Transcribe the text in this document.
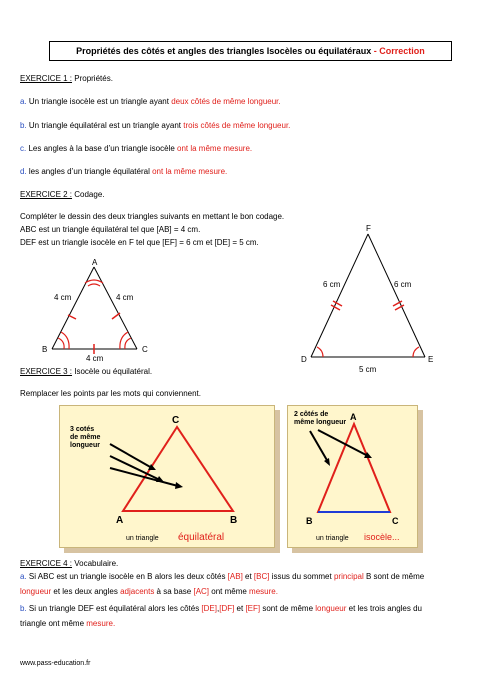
Propriétés des côtés et angles des triangles Isocèles ou équilatéraux - Correction
EXERCICE 1 : Propriétés.
a. Un triangle isocèle est un triangle ayant deux côtés de même longueur.
b. Un triangle équilatéral est un triangle ayant trois côtés de même longueur.
c. Les angles à la base d’un triangle isocèle ont la même mesure.
d. les angles d’un triangle équilatéral ont la même mesure.
EXERCICE 2 : Codage.
Compléter le dessin des deux triangles suivants en mettant le bon codage.
ABC est un triangle équilatéral tel que [AB] = 4 cm.
DEF est un triangle isocèle en F tel que [EF] = 6 cm et [DE] = 5 cm.
A
B	C
4 cm	4 cm
4 cm
F
D	E
6 cm	6 cm
5 cm
EXERCICE 3 : Isocèle ou équilatéral.
Remplacer les points par les mots qui conviennent.
3 cotés
de même
longueur
C
A	B
un triangle équilatéral
2 côtés de
même longueur
A
B	C
un triangle isocèle...
EXERCICE 4 : Vocabulaire.
a. Si ABC est un triangle isocèle en B alors les deux côtés [AB] et [BC] issus du sommet principal B sont de même
longueur et les deux angles adjacents à sa base [AC] ont même mesure.
b. Si un triangle DEF est équilatéral alors les côtés [DE],[DF] et [EF] sont de même longueur et les trois angles du
triangle ont même mesure.
www.pass-education.fr
